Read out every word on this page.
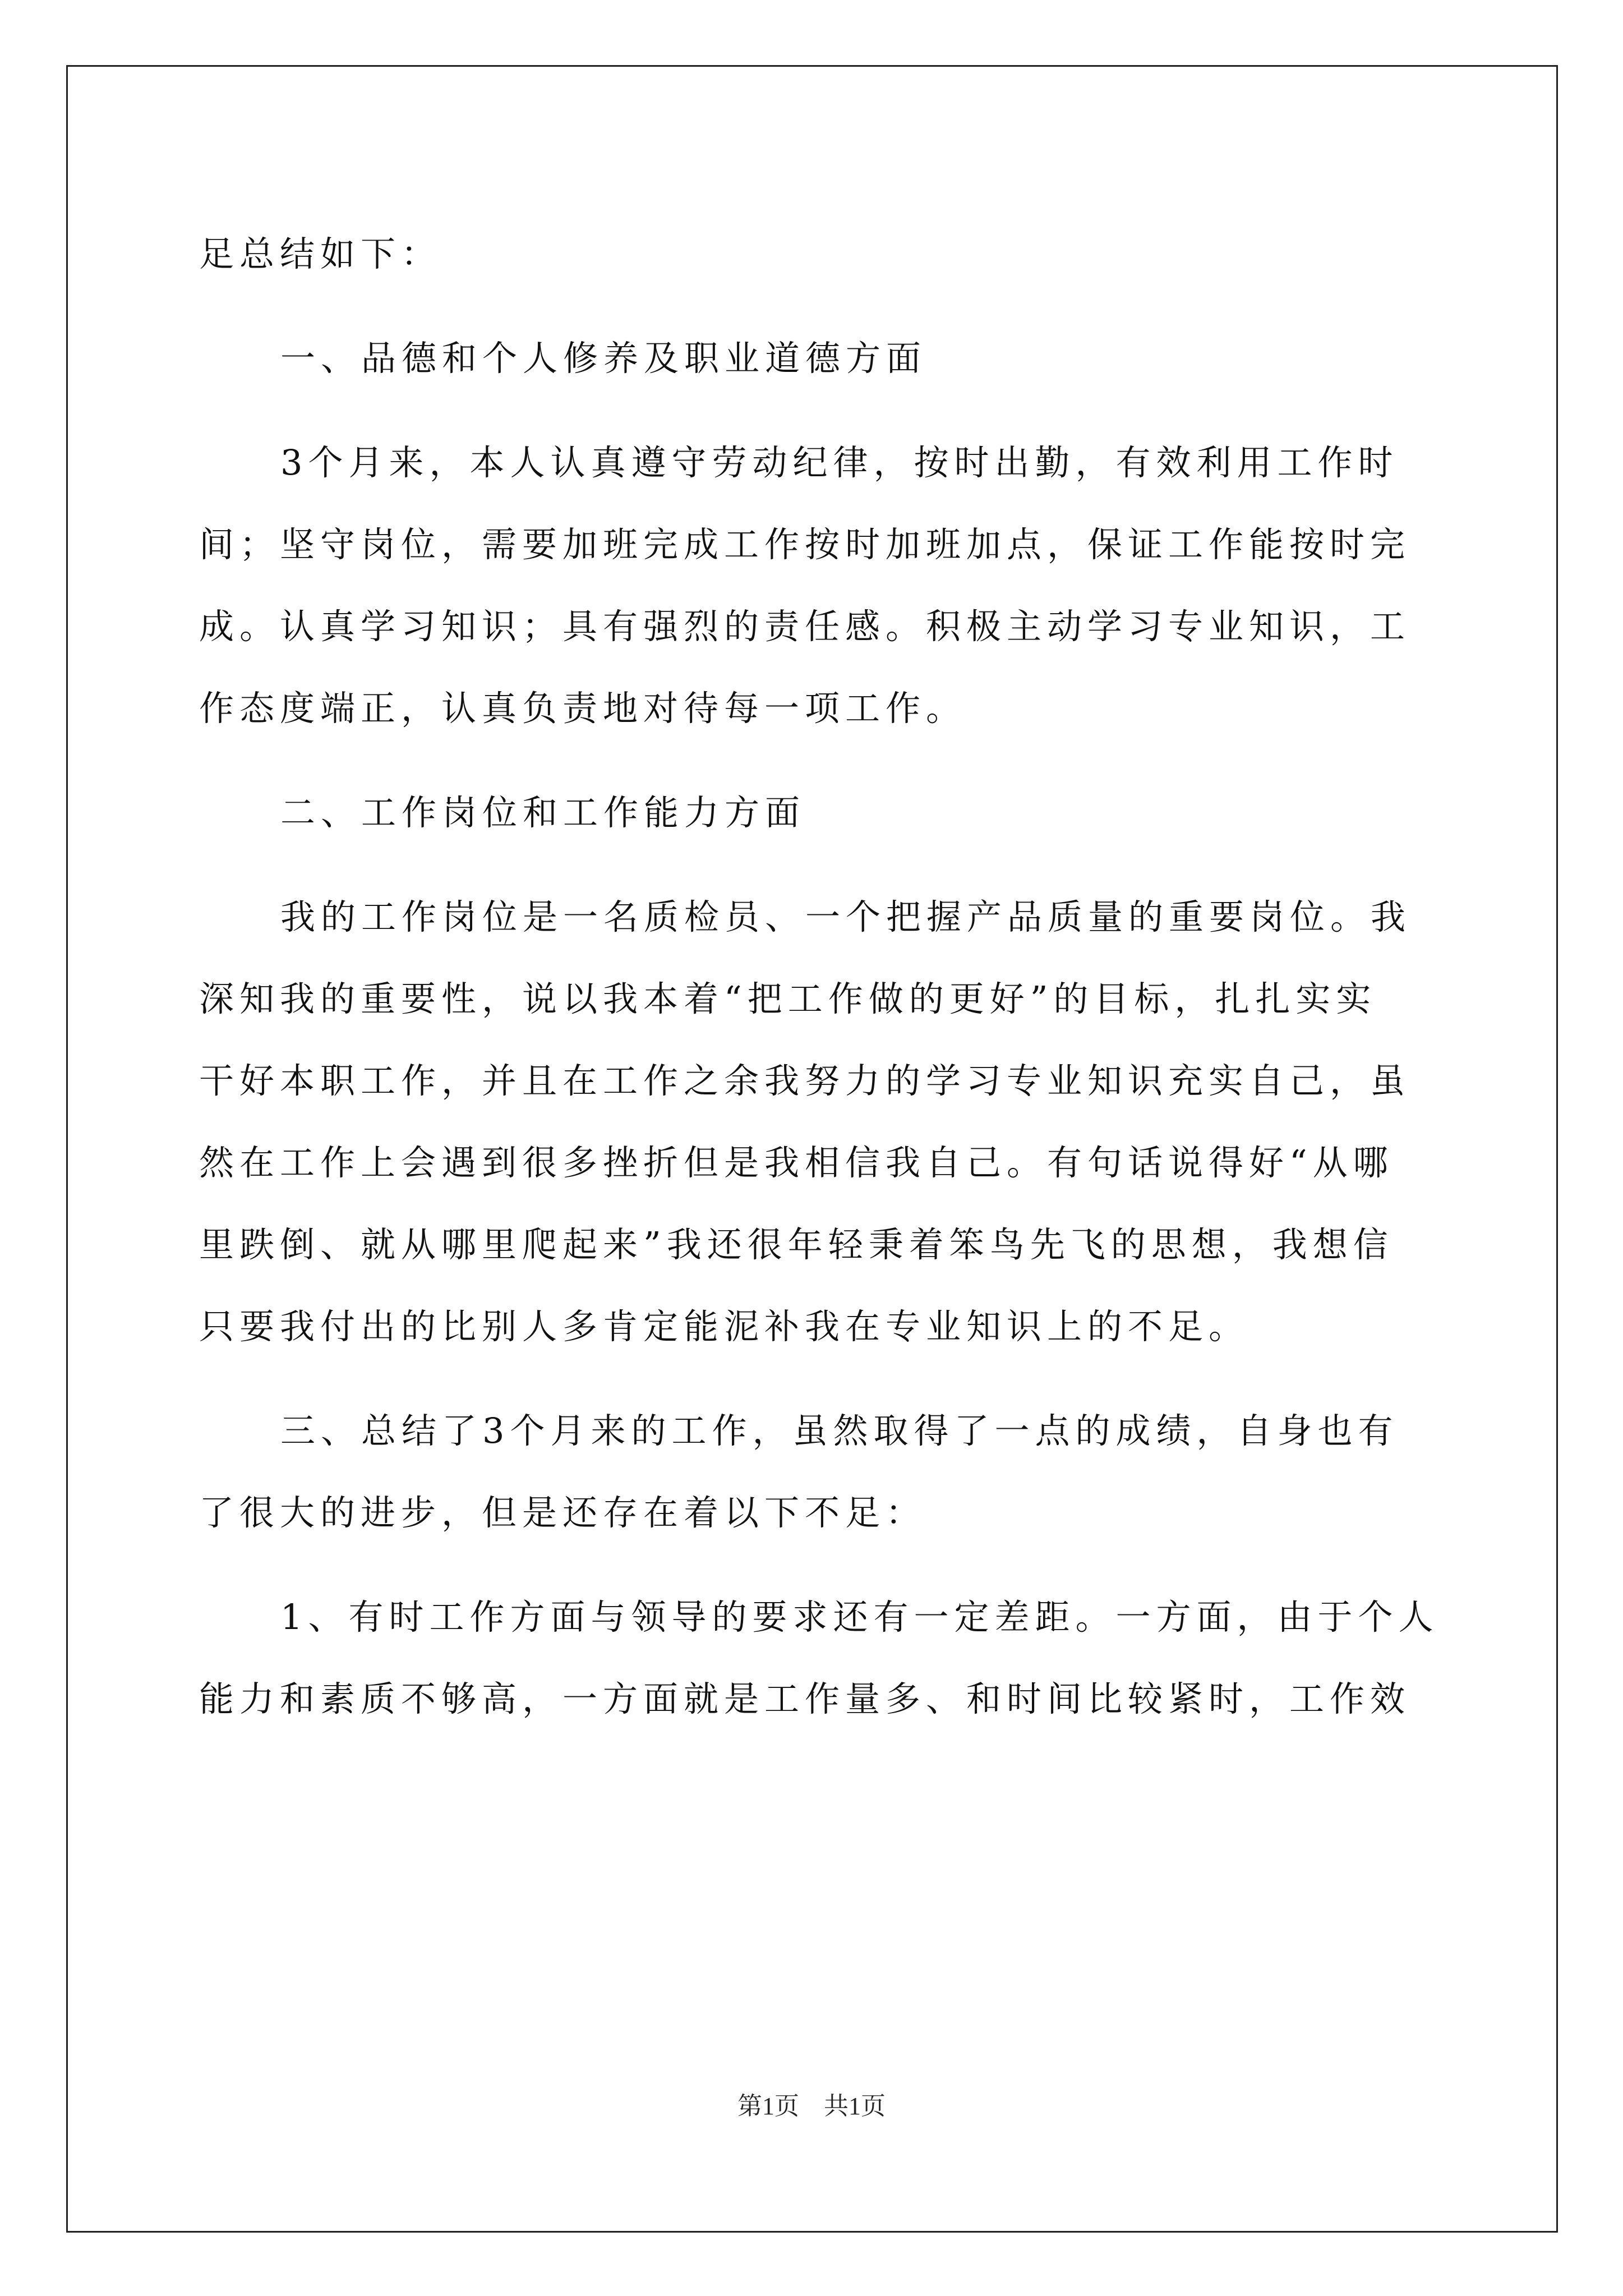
足总结如下：
一、品德和个人修养及职业道德方面
3个月来，本人认真遵守劳动纪律，按时出勤，有效利用工作时
间；坚守岗位，需要加班完成工作按时加班加点，保证工作能按时完
成。认真学习知识；具有强烈的责任感。积极主动学习专业知识，工
作态度端正，认真负责地对待每一项工作。
二、工作岗位和工作能力方面
我的工作岗位是一名质检员、一个把握产品质量的重要岗位。我
深知我的重要性，说以我本着“把工作做的更好”的目标，扎扎实实
干好本职工作，并且在工作之余我努力的学习专业知识充实自己，虽
然在工作上会遇到很多挫折但是我相信我自己。有句话说得好“从哪
里跌倒、就从哪里爬起来”我还很年轻秉着笨鸟先飞的思想，我想信
只要我付出的比别人多肯定能泥补我在专业知识上的不足。
三、总结了3个月来的工作，虽然取得了一点的成绩，自身也有
了很大的进步，但是还存在着以下不足：
1、有时工作方面与领导的要求还有一定差距。一方面，由于个人
能力和素质不够高，一方面就是工作量多、和时间比较紧时，工作效
第1页 共1页
